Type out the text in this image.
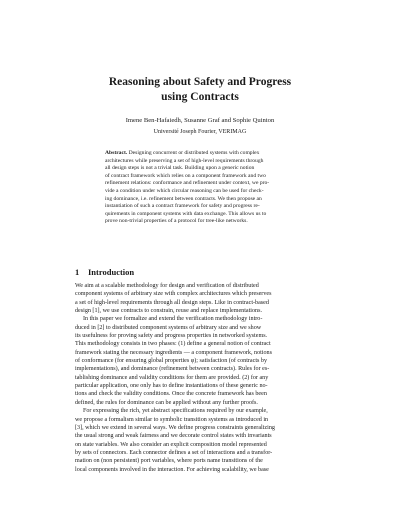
Reasoning about Safety and Progress
using Contracts
Imene Ben-Hafaiedh, Susanne Graf and Sophie Quinton
Université Joseph Fourier, VERIMAG
Abstract. Designing concurrent or distributed systems with complex
architectures while preserving a set of high-level requirements through
all design steps is not a trivial task. Building upon a generic notion
of contract framework which relies on a component framework and two
refinement relations: conformance and refinement under context, we pro-
vide a condition under which circular reasoning can be used for check-
ing dominance, i.e. refinement between contracts. We then propose an
instantiation of such a contract framework for safety and progress re-
quirements in component systems with data exchange. This allows us to
prove non-trivial properties of a protocol for tree-like networks.
1 Introduction
We aim at a scalable methodology for design and verification of distributed
component systems of arbitrary size with complex architectures which preserves
a set of high-level requirements through all design steps. Like in contract-based
design [1], we use contracts to constrain, reuse and replace implementations.
In this paper we formalize and extend the verification methodology intro-
duced in [2] to distributed component systems of arbitrary size and we show
its usefulness for proving safety and progress properties in networked systems.
This methodology consists in two phases: (1) define a general notion of contract
framework stating the necessary ingredients — a component framework, notions
of conformance (for ensuring global properties φ); satisfaction (of contracts by
implementations), and dominance (refinement between contracts). Rules for es-
tablishing dominance and validity conditions for them are provided. (2) for any
particular application, one only has to define instantiations of these generic no-
tions and check the validity conditions. Once the concrete framework has been
defined, the rules for dominance can be applied without any further proofs.
For expressing the rich, yet abstract specifications required by our example,
we propose a formalism similar to symbolic transition systems as introduced in
[3], which we extend in several ways. We define progress constraints generalizing
the usual strong and weak fairness and we decorate control states with invariants
on state variables. We also consider an explicit composition model represented
by sets of connectors. Each connector defines a set of interactions and a transfor-
mation on (non persistent) port variables, where ports name transitions of the
local components involved in the interaction. For achieving scalability, we base
